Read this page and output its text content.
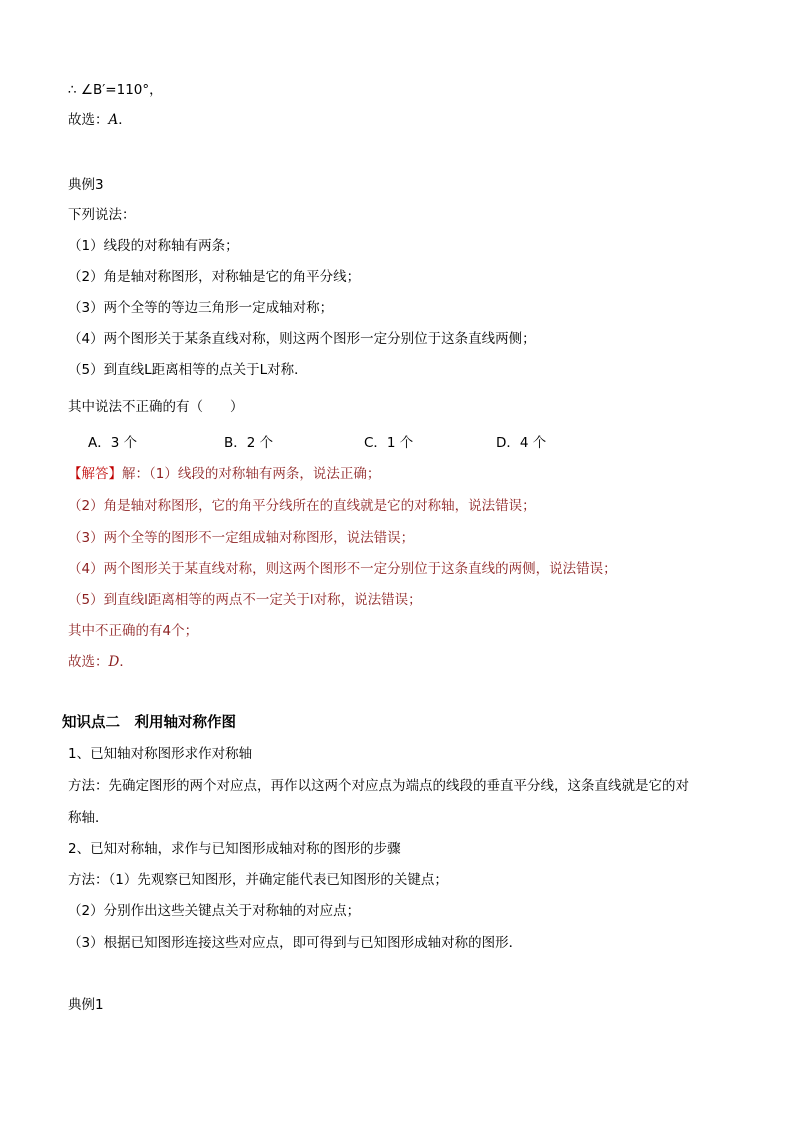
∴ ∠B′=110°，
故选：A．
典例3
下列说法：
（1）线段的对称轴有两条；
（2）角是轴对称图形，对称轴是它的角平分线；
（3）两个全等的等边三角形一定成轴对称；
（4）两个图形关于某条直线对称，则这两个图形一定分别位于这条直线两侧；
（5）到直线L距离相等的点关于L对称．
其中说法不正确的有（　　）
A．3 个	B．2 个	C．1 个	D．4 个
【解答】解：（1）线段的对称轴有两条，说法正确；
（2）角是轴对称图形，它的角平分线所在的直线就是它的对称轴，说法错误；
（3）两个全等的图形不一定组成轴对称图形，说法错误；
（4）两个图形关于某直线对称，则这两个图形不一定分别位于这条直线的两侧，说法错误；
（5）到直线l距离相等的两点不一定关于l对称，说法错误；
其中不正确的有4个；
故选：D．
知识点二　利用轴对称作图
1、已知轴对称图形求作对称轴
方法：先确定图形的两个对应点，再作以这两个对应点为端点的线段的垂直平分线，这条直线就是它的对
称轴．
2、已知对称轴，求作与已知图形成轴对称的图形的步骤
方法：（1）先观察已知图形，并确定能代表已知图形的关键点；
（2）分别作出这些关键点关于对称轴的对应点；
（3）根据已知图形连接这些对应点，即可得到与已知图形成轴对称的图形．
典例1
